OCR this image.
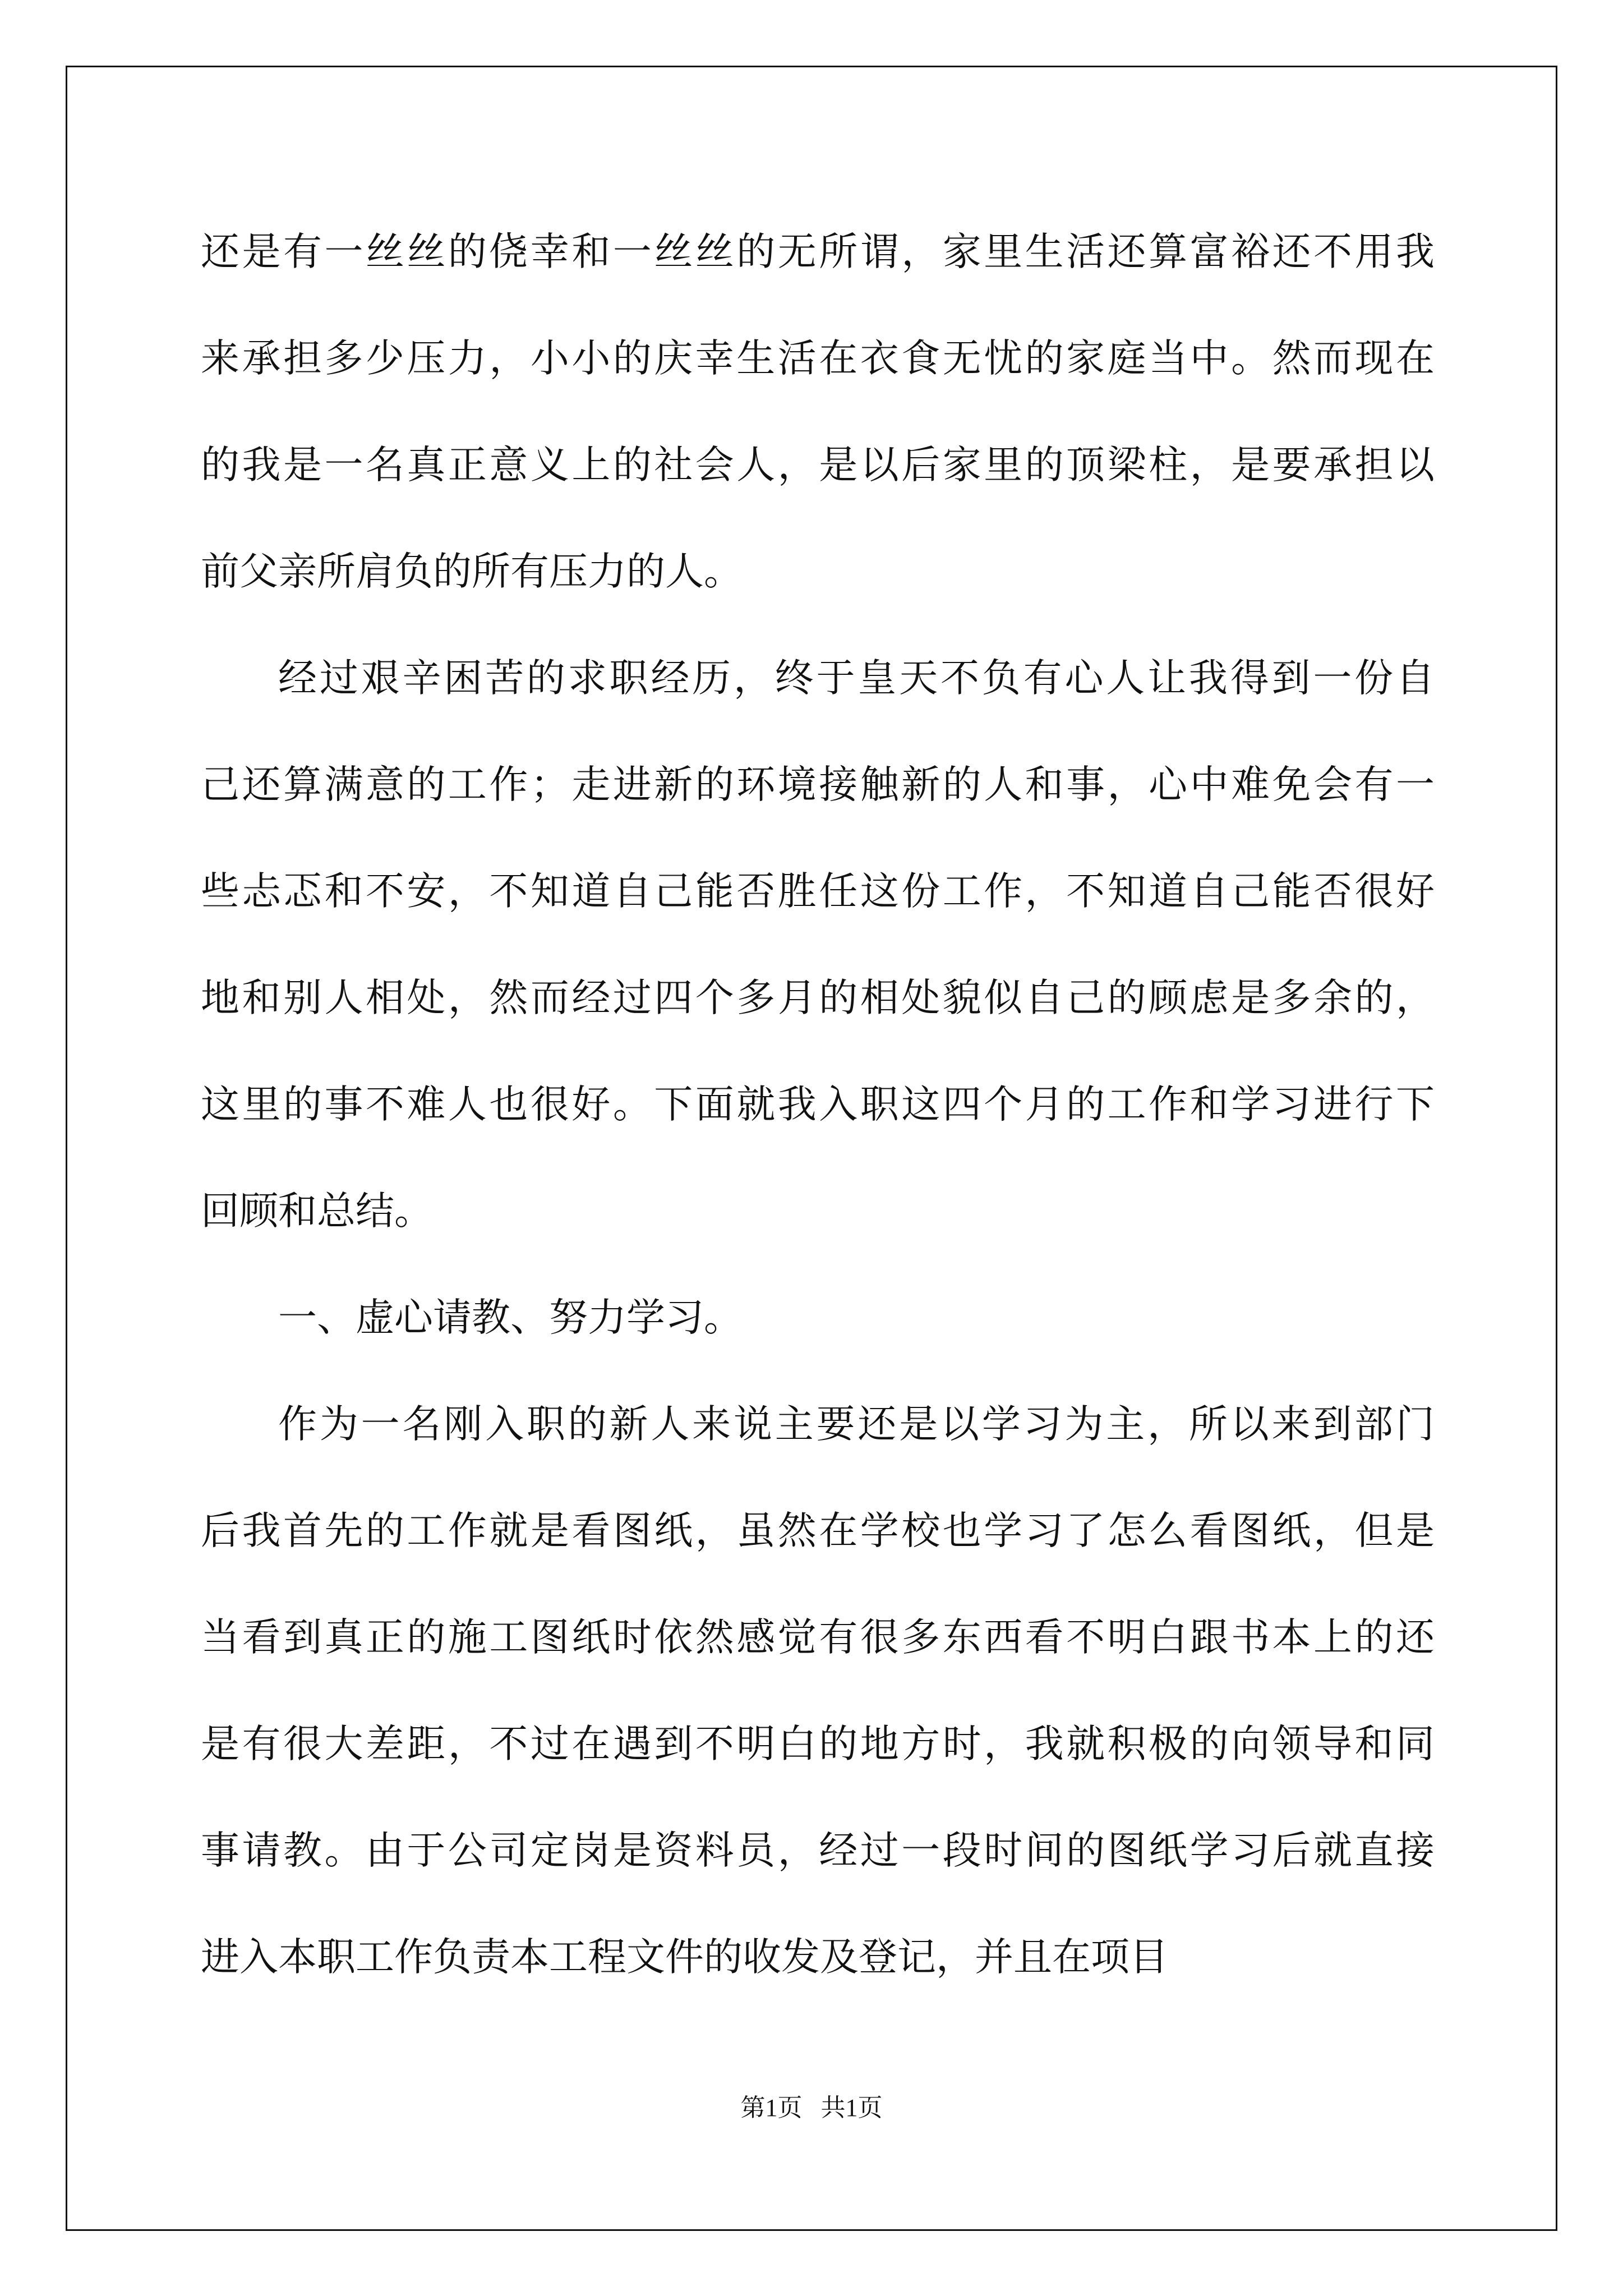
还是有一丝丝的侥幸和一丝丝的无所谓，家里生活还算富裕还不用我
来承担多少压力，小小的庆幸生活在衣食无忧的家庭当中。然而现在
的我是一名真正意义上的社会人，是以后家里的顶梁柱，是要承担以
前父亲所肩负的所有压力的人。
经过艰辛困苦的求职经历，终于皇天不负有心人让我得到一份自
己还算满意的工作；走进新的环境接触新的人和事，心中难免会有一
些忐忑和不安，不知道自己能否胜任这份工作，不知道自己能否很好
地和别人相处，然而经过四个多月的相处貌似自己的顾虑是多余的，
这里的事不难人也很好。下面就我入职这四个月的工作和学习进行下
回顾和总结。
一、虚心请教、努力学习。
作为一名刚入职的新人来说主要还是以学习为主，所以来到部门
后我首先的工作就是看图纸，虽然在学校也学习了怎么看图纸，但是
当看到真正的施工图纸时依然感觉有很多东西看不明白跟书本上的还
是有很大差距，不过在遇到不明白的地方时，我就积极的向领导和同
事请教。由于公司定岗是资料员，经过一段时间的图纸学习后就直接
进入本职工作负责本工程文件的收发及登记，并且在项目
第1页   共1页
